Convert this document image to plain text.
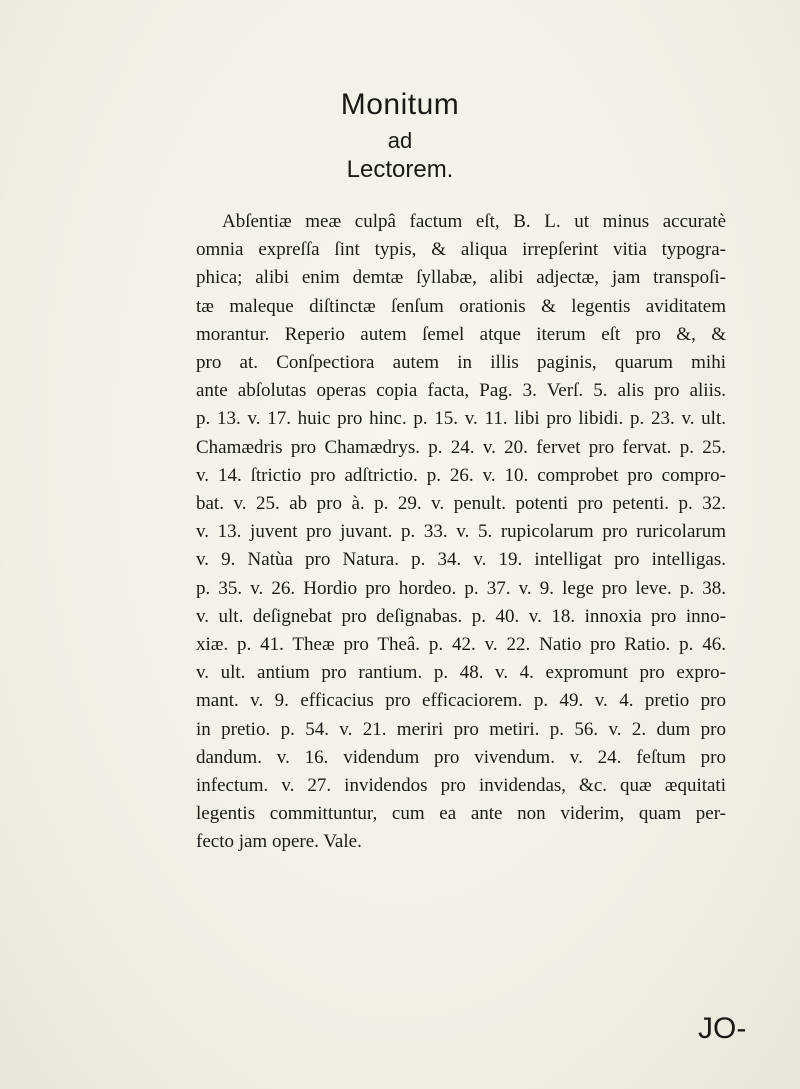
Monitum
ad
Lectorem.
Abſentiæ meæ culpâ factum eſt, B. L. ut minus accuratè
omnia expreſſa ſint typis, & aliqua irrepſerint vitia typogra-
phica; alibi enim demtæ ſyllabæ, alibi adjectæ, jam transpoſi-
tæ maleque diſtinctæ ſenſum orationis & legentis aviditatem
morantur. Reperio autem ſemel atque iterum eſt pro &, &
pro at. Conſpectiora autem in illis paginis, quarum mihi
ante abſolutas operas copia facta, Pag. 3. Verſ. 5. alis pro aliis.
p. 13. v. 17. huic pro hinc. p. 15. v. 11. libi pro libidi. p. 23. v. ult.
Chamædris pro Chamædrys. p. 24. v. 20. fervet pro fervat. p. 25.
v. 14. ſtrictio pro adſtrictio. p. 26. v. 10. comprobet pro compro-
bat. v. 25. ab pro à. p. 29. v. penult. potenti pro petenti. p. 32.
v. 13. juvent pro juvant. p. 33. v. 5. rupicolarum pro ruricolarum
v. 9. Natùa pro Natura. p. 34. v. 19. intelligat pro intelligas.
p. 35. v. 26. Hordio pro hordeo. p. 37. v. 9. lege pro leve. p. 38.
v. ult. deſignebat pro deſignabas. p. 40. v. 18. innoxia pro inno-
xiæ. p. 41. Theæ pro Theâ. p. 42. v. 22. Natio pro Ratio. p. 46.
v. ult. antium pro rantium. p. 48. v. 4. expromunt pro expro-
mant. v. 9. efficacius pro efficaciorem. p. 49. v. 4. pretio pro
in pretio. p. 54. v. 21. meriri pro metiri. p. 56. v. 2. dum pro
dandum. v. 16. videndum pro vivendum. v. 24. feſtum pro
infectum. v. 27. invidendos pro invidendas, &c. quæ æquitati
legentis committuntur, cum ea ante non viderim, quam per-
fecto jam opere. Vale.
JO-
